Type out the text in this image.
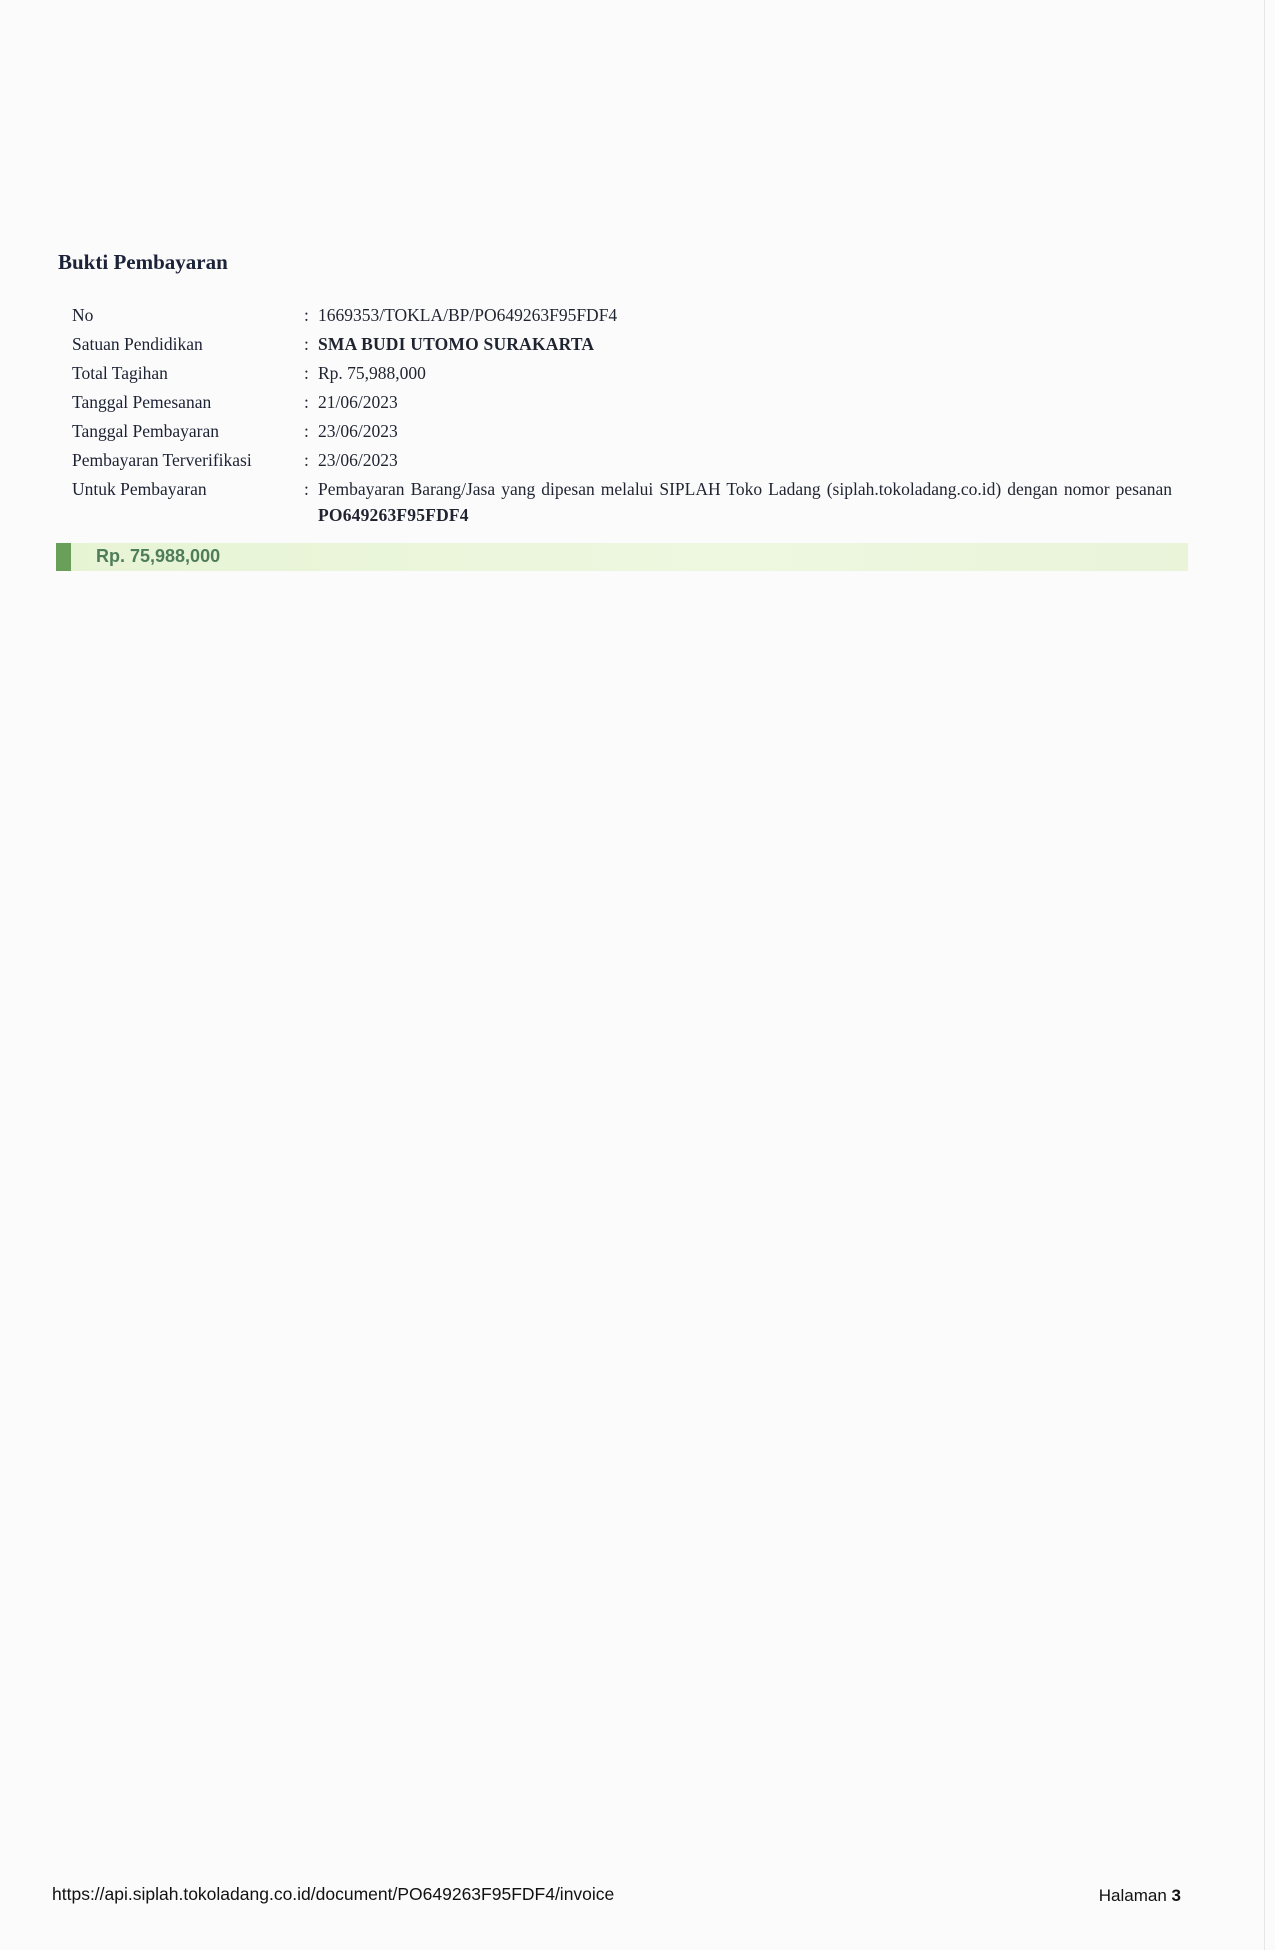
Bukti Pembayaran
No	:	1669353/TOKLA/BP/PO649263F95FDF4
Satuan Pendidikan	:	SMA BUDI UTOMO SURAKARTA
Total Tagihan	:	Rp. 75,988,000
Tanggal Pemesanan	:	21/06/2023
Tanggal Pembayaran	:	23/06/2023
Pembayaran Terverifikasi	:	23/06/2023
Untuk Pembayaran	:	Pembayaran Barang/Jasa yang dipesan melalui SIPLAH Toko Ladang (siplah.tokoladang.co.id) dengan nomor pesanan PO649263F95FDF4
Rp. 75,988,000
https://api.siplah.tokoladang.co.id/document/PO649263F95FDF4/invoice	Halaman 3
